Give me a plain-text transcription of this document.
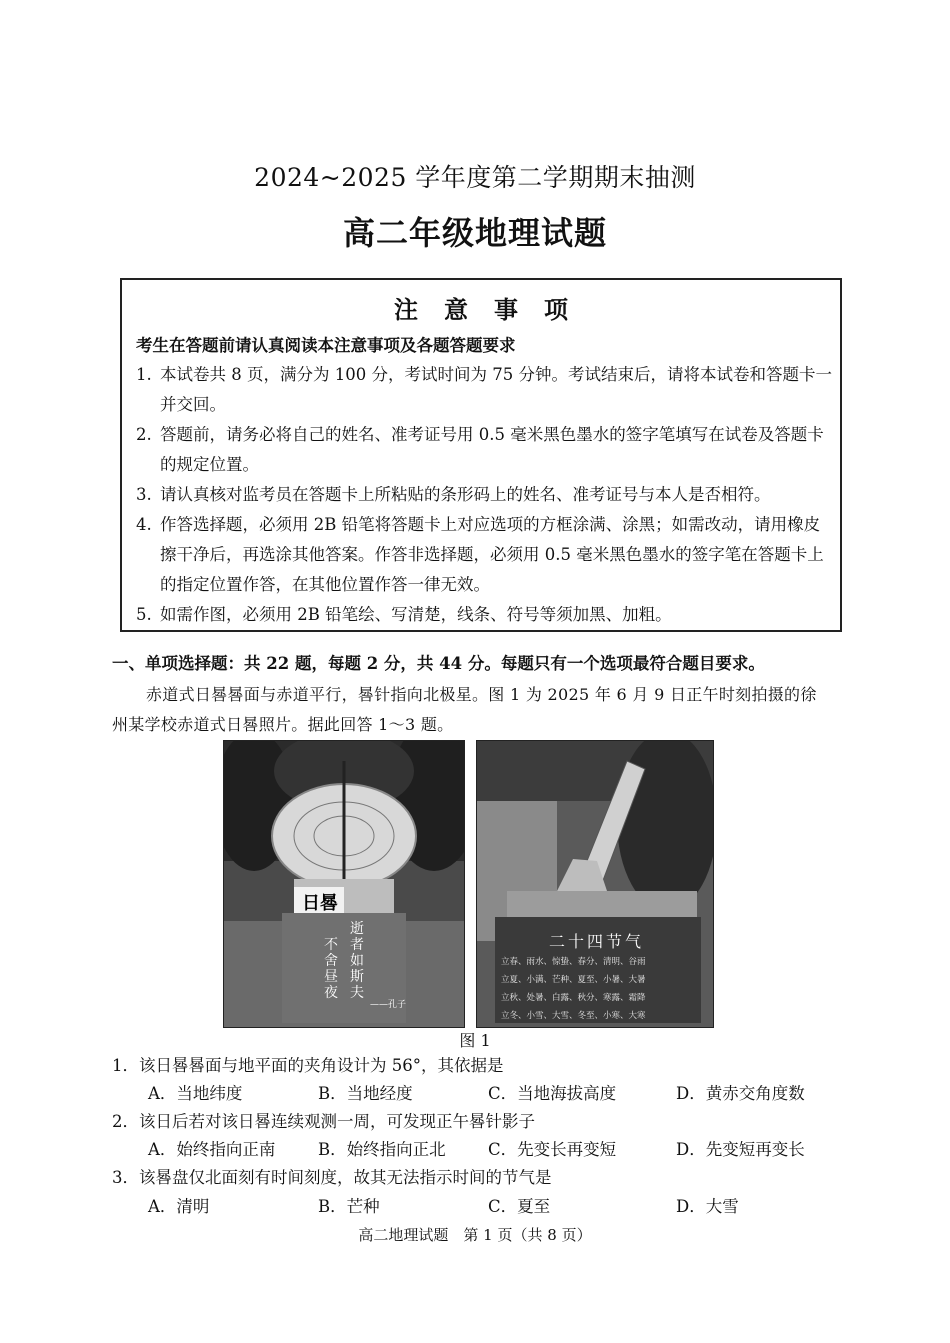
2024~2025 学年度第二学期期末抽测
高二年级地理试题
注意事项
考生在答题前请认真阅读本注意事项及各题答题要求
1. 本试卷共 8 页，满分为 100 分，考试时间为 75 分钟。考试结束后，请将本试卷和答题卡一并交回。
2. 答题前，请务必将自己的姓名、准考证号用 0.5 毫米黑色墨水的签字笔填写在试卷及答题卡的规定位置。
3. 请认真核对监考员在答题卡上所粘贴的条形码上的姓名、准考证号与本人是否相符。
4. 作答选择题，必须用 2B 铅笔将答题卡上对应选项的方框涂满、涂黑；如需改动，请用橡皮擦干净后，再选涂其他答案。作答非选择题，必须用 0.5 毫米黑色墨水的签字笔在答题卡上的指定位置作答，在其他位置作答一律无效。
5. 如需作图，必须用 2B 铅笔绘、写清楚，线条、符号等须加黑、加粗。
一、单项选择题：共 22 题，每题 2 分，共 44 分。每题只有一个选项最符合题目要求。
赤道式日晷晷面与赤道平行，晷针指向北极星。图 1 为 2025 年 6 月 9 日正午时刻拍摄的徐州某学校赤道式日晷照片。据此回答 1～3 题。
日晷
逝者如斯夫
不舍昼夜
——孔子
二十四节气
立春、雨水、惊蛰、春分、清明、谷雨
立夏、小满、芒种、夏至、小暑、大暑
立秋、处暑、白露、秋分、寒露、霜降
立冬、小雪、大雪、冬至、小寒、大寒
图 1
1．该日晷晷面与地平面的夹角设计为 56°，其依据是
A．当地纬度	B．当地经度	C．当地海拔高度	D．黄赤交角度数
2．该日后若对该日晷连续观测一周，可发现正午晷针影子
A．始终指向正南	B．始终指向正北	C．先变长再变短	D．先变短再变长
3．该晷盘仅北面刻有时间刻度，故其无法指示时间的节气是
A．清明	B．芒种	C．夏至	D．大雪
高二地理试题　第 1 页（共 8 页）
